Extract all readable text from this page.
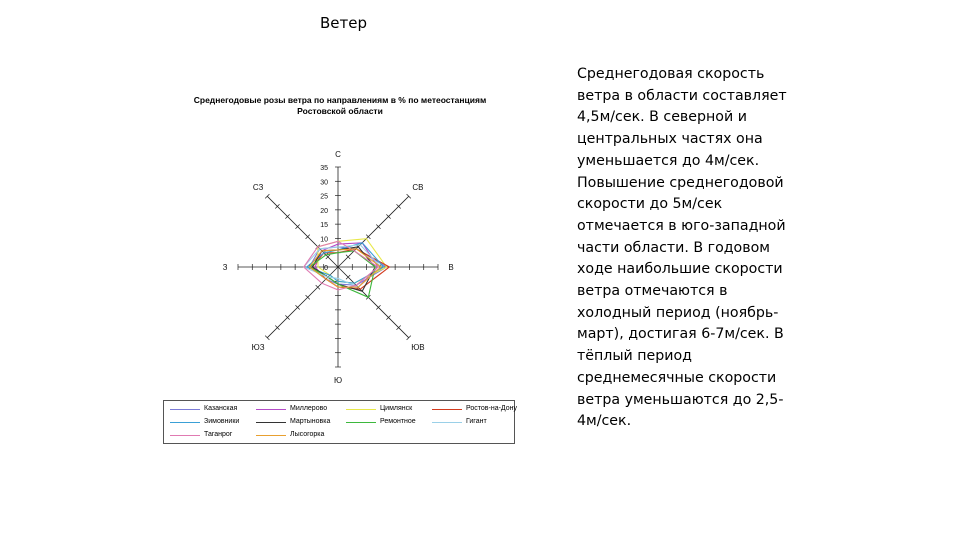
Ветер
Среднегодовые розы ветра по направлениям в % по метеостанциям Ростовской области
С
СВ
В
ЮВ
Ю
ЮЗ
З
СЗ
0
5
10
15
20
25
30
35
Казанская	Миллерово	Цимлянск	Ростов-на-Дону
Зимовники	Мартыновка	Ремонтное	Гигант
Таганрог	Лысогорка
Среднегодовая скорость ветра в области составляет 4,5м/сек. В северной и центральных частях она уменьшается до 4м/сек. Повышение среднегодовой скорости до 5м/сек отмечается в юго-западной части области. В годовом ходе наибольшие скорости ветра отмечаются в холодный период (ноябрь-март), достигая 6-7м/сек. В тёплый период среднемесячные скорости ветра уменьшаются до 2,5-4м/сек.
